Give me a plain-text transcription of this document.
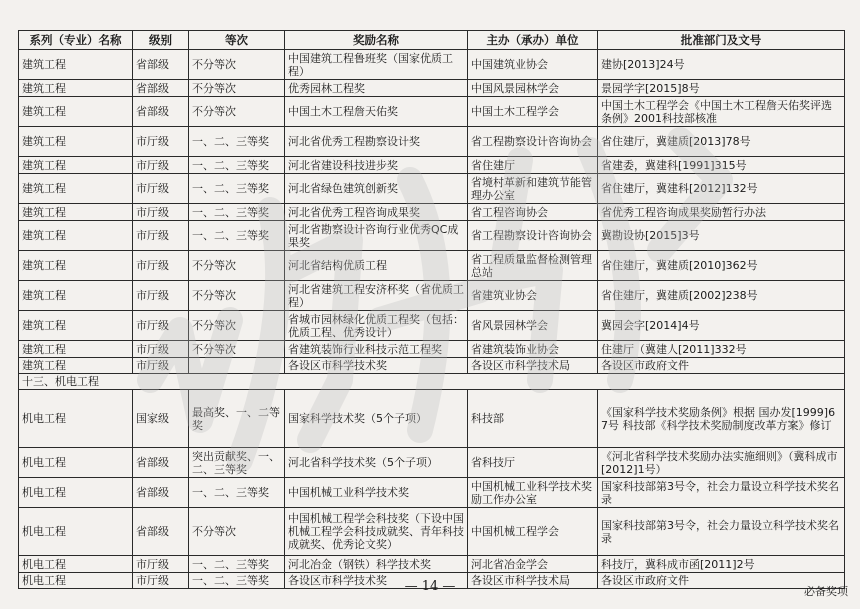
系列（专业）名称	级别	等次	奖励名称	主办（承办）单位	批准部门及文号
建筑工程	省部级	不分等次	中国建筑工程鲁班奖（国家优质工程）	中国建筑业协会	建协[2013]24号
建筑工程	省部级	不分等次	优秀园林工程奖	中国风景园林学会	景园学字[2015]8号
建筑工程	省部级	不分等次	中国土木工程詹天佑奖	中国土木工程学会	中国土木工程学会《中国土木工程詹天佑奖评选条例》2001科技部核准
建筑工程	市厅级	一、二、三等奖	河北省优秀工程勘察设计奖	省工程勘察设计咨询协会	省住建厅，冀建质[2013]78号
建筑工程	市厅级	一、二、三等奖	河北省建设科技进步奖	省住建厅	省建委，冀建科[1991]315号
建筑工程	市厅级	一、二、三等奖	河北省绿色建筑创新奖	省境村革新和建筑节能管理办公室	省住建厅，冀建科[2012]132号
建筑工程	市厅级	一、二、三等奖	河北省优秀工程咨询成果奖	省工程咨询协会	省优秀工程咨询成果奖励暂行办法
建筑工程	市厅级	一、二、三等奖	河北省勘察设计咨询行业优秀QC成果奖	省工程勘察设计咨询协会	冀勘设协[2015]3号
建筑工程	市厅级	不分等次	河北省结构优质工程	省工程质量监督检测管理总站	省住建厅，冀建质[2010]362号
建筑工程	市厅级	不分等次	河北省建筑工程安济杯奖（省优质工程）	省建筑业协会	省住建厅，冀建质[2002]238号
建筑工程	市厅级	不分等次	省城市园林绿化优质工程奖（包括：优质工程、优秀设计）	省风景园林学会	冀园会字[2014]4号
建筑工程	市厅级	不分等次	省建筑装饰行业科技示范工程奖	省建筑装饰业协会	住建厅（冀建人[2011]332号
建筑工程	市厅级		各设区市科学技术奖	各设区市科学技术局	各设区市政府文件
十三、机电工程					
机电工程	国家级	最高奖、一、二等奖	国家科学技术奖（5个子项）	科技部	《国家科学技术奖励条例》根据 国办发[1999]67号 科技部《科学技术奖励制度改革方案》修订
机电工程	省部级	突出贡献奖、一、二、三等奖	河北省科学技术奖（5个子项）	省科技厅	《河北省科学技术奖励办法实施细则》（冀科成市[2012]1号）
机电工程	省部级	一、二、三等奖	中国机械工业科学技术奖	中国机械工业科学技术奖励工作办公室	国家科技部第3号令，社会力量设立科学技术奖名录
机电工程	省部级	不分等次	中国机械工程学会科技奖（下设中国机械工程学会科技成就奖、青年科技成就奖、优秀论文奖）	中国机械工程学会	国家科技部第3号令，社会力量设立科学技术奖名录
机电工程	市厅级	一、二、三等奖	河北冶金（钢铁）科学技术奖	河北省冶金学会	科技厅，冀科成市函[2011]2号
机电工程	市厅级	一、二、三等奖	各设区市科学技术奖	各设区市科学技术局	各设区市政府文件
— 14 —	必备奖项
